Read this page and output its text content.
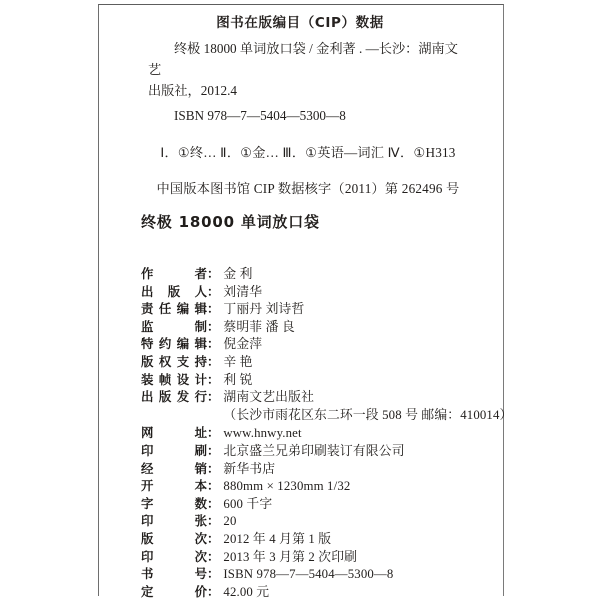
图书在版编目（CIP）数据

终极 18000 单词放口袋 / 金利著 . —长沙：湖南文艺

出版社，2012.4

ISBN 978—7—5404—5300—8

Ⅰ．①终… Ⅱ．①金… Ⅲ．①英语—词汇 Ⅳ．①H313

中国版本图书馆 CIP 数据核字（2011）第 262496 号

终极 18000 单词放口袋
作者 ： 金 利
出版人 ： 刘清华
责任编辑 ： 丁丽丹 刘诗哲
监制 ： 蔡明菲 潘 良
特约编辑 ： 倪金萍
版权支持 ： 辛 艳
装帧设计 ： 利 锐
出版发行 ： 湖南文艺出版社
（长沙市雨花区东二环一段 508 号 邮编：410014）
网址 ： www.hnwy.net
印刷 ： 北京盛兰兄弟印刷装订有限公司
经销 ： 新华书店
开本 ： 880mm × 1230mm 1/32
字数 ： 600 千字
印张 ： 20
版次 ： 2012 年 4 月第 1 版
印次 ： 2013 年 3 月第 2 次印刷
书号 ： ISBN 978—7—5404—5300—8
定价 ： 42.00 元
